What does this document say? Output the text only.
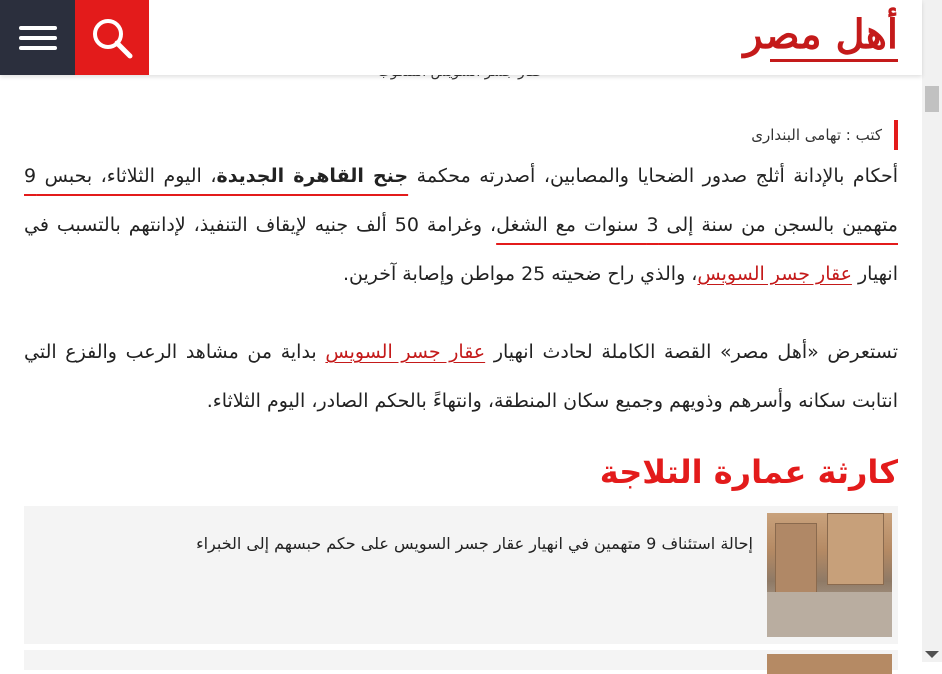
أهل مصر
كتب : تهامى البندارى
أحكام بالإدانة أثلج صدور الضحايا والمصابين، أصدرته محكمة جنح القاهرة الجديدة، اليوم الثلاثاء، بحبس 9 متهمين بالسجن من سنة إلى 3 سنوات مع الشغل، وغرامة 50 ألف جنيه لإيقاف التنفيذ، لإدانتهم بالتسبب في انهيار عقار جسر السويس، والذي راح ضحيته 25 مواطن وإصابة آخرين.
تستعرض «أهل مصر» القصة الكاملة لحادث انهيار عقار جسر السويس بداية من مشاهد الرعب والفزع التي انتابت سكانه وأسرهم وذويهم وجميع سكان المنطقة، وانتهاءً بالحكم الصادر، اليوم الثلاثاء.
كارثة عمارة التلاجة
إحالة استئناف 9 متهمين في انهيار عقار جسر السويس على حكم حبسهم إلى الخبراء
